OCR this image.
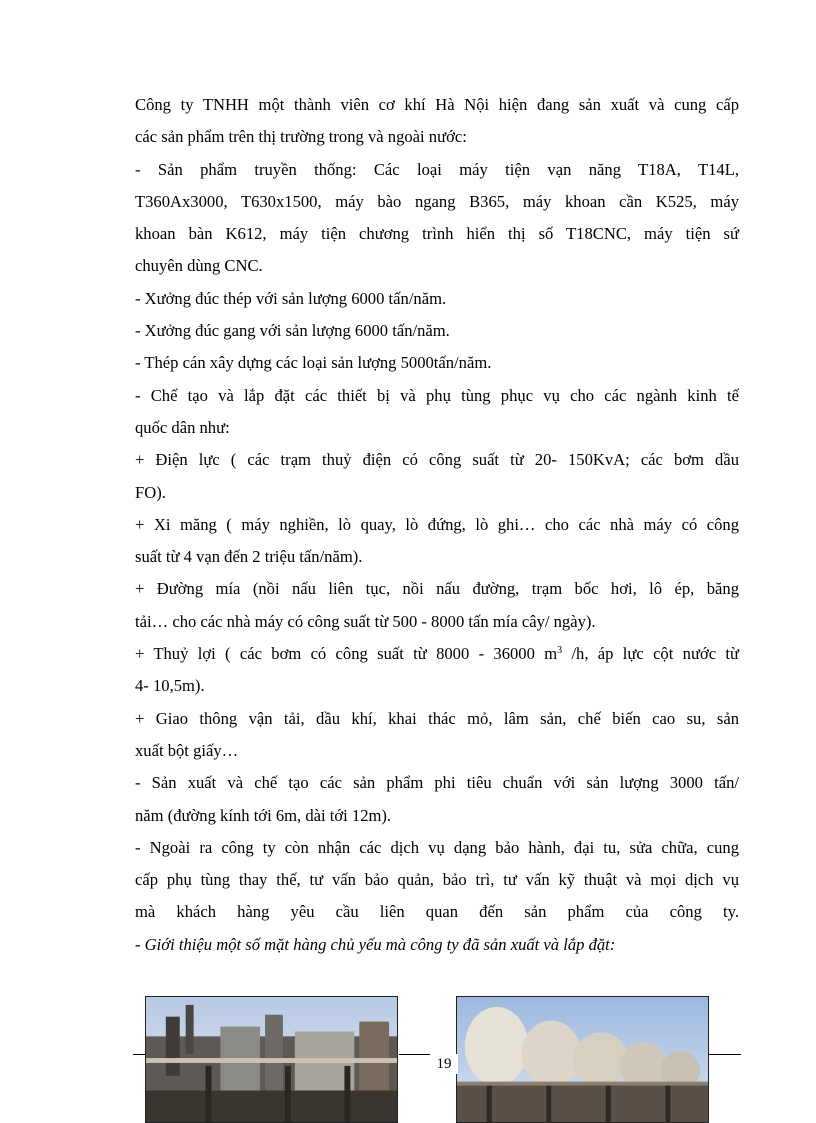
Công ty TNHH một thành viên cơ khí Hà Nội hiện đang sản xuất và cung cấp
các sản phẩm trên thị trường trong và ngoài nước:

- Sản phẩm truyền thống: Các loại máy tiện vạn năng T18A, T14L,
T360Ax3000, T630x1500, máy bào ngang B365, máy khoan cần K525, máy
khoan bàn K612, máy tiện chương trình hiển thị số T18CNC, máy tiện sứ
chuyên dùng CNC.

- Xưởng đúc thép với sản lượng 6000 tấn/năm.

- Xưởng đúc gang với sản lượng 6000 tấn/năm.

- Thép cán xây dựng các loại sản lượng 5000tấn/năm.

- Chế tạo và lắp đặt các thiết bị và phụ tùng phục vụ cho các ngành kinh tế
quốc dân như:

+ Điện lực ( các trạm thuỷ điện có công suất từ 20- 150KvA; các bơm dầu
FO).

+ Xi măng ( máy nghiền, lò quay, lò đứng, lò ghi… cho các nhà máy có công
suất từ 4 vạn đến 2 triệu tấn/năm).

+ Đường mía (nồi nấu liên tục, nồi nấu đường, trạm bốc hơi, lô ép, băng
tải… cho các nhà máy có công suất từ 500 - 8000 tấn mía cây/ ngày).

+ Thuỷ lợi ( các bơm có công suất từ 8000 - 36000 $m^3$ /h, áp lực cột nước từ
4- 10,5m).

+ Giao thông vận tải, dầu khí, khai thác mỏ, lâm sản, chế biến cao su, sản
xuất bột giấy…

- Sản xuất và chế tạo các sản phẩm phi tiêu chuẩn với sản lượng 3000 tấn/
năm (đường kính tới 6m, dài tới 12m).

- Ngoài ra công ty còn nhận các dịch vụ dạng bảo hành, đại tu, sửa chữa, cung
cấp phụ tùng thay thế, tư vấn bảo quản, bảo trì, tư vấn kỹ thuật và mọi dịch vụ
mà khách hàng yêu cầu liên quan đến sản phẩm của công ty.

- Giới thiệu một số mặt hàng chủ yếu mà công ty đã sản xuất và lắp đặt:

19
